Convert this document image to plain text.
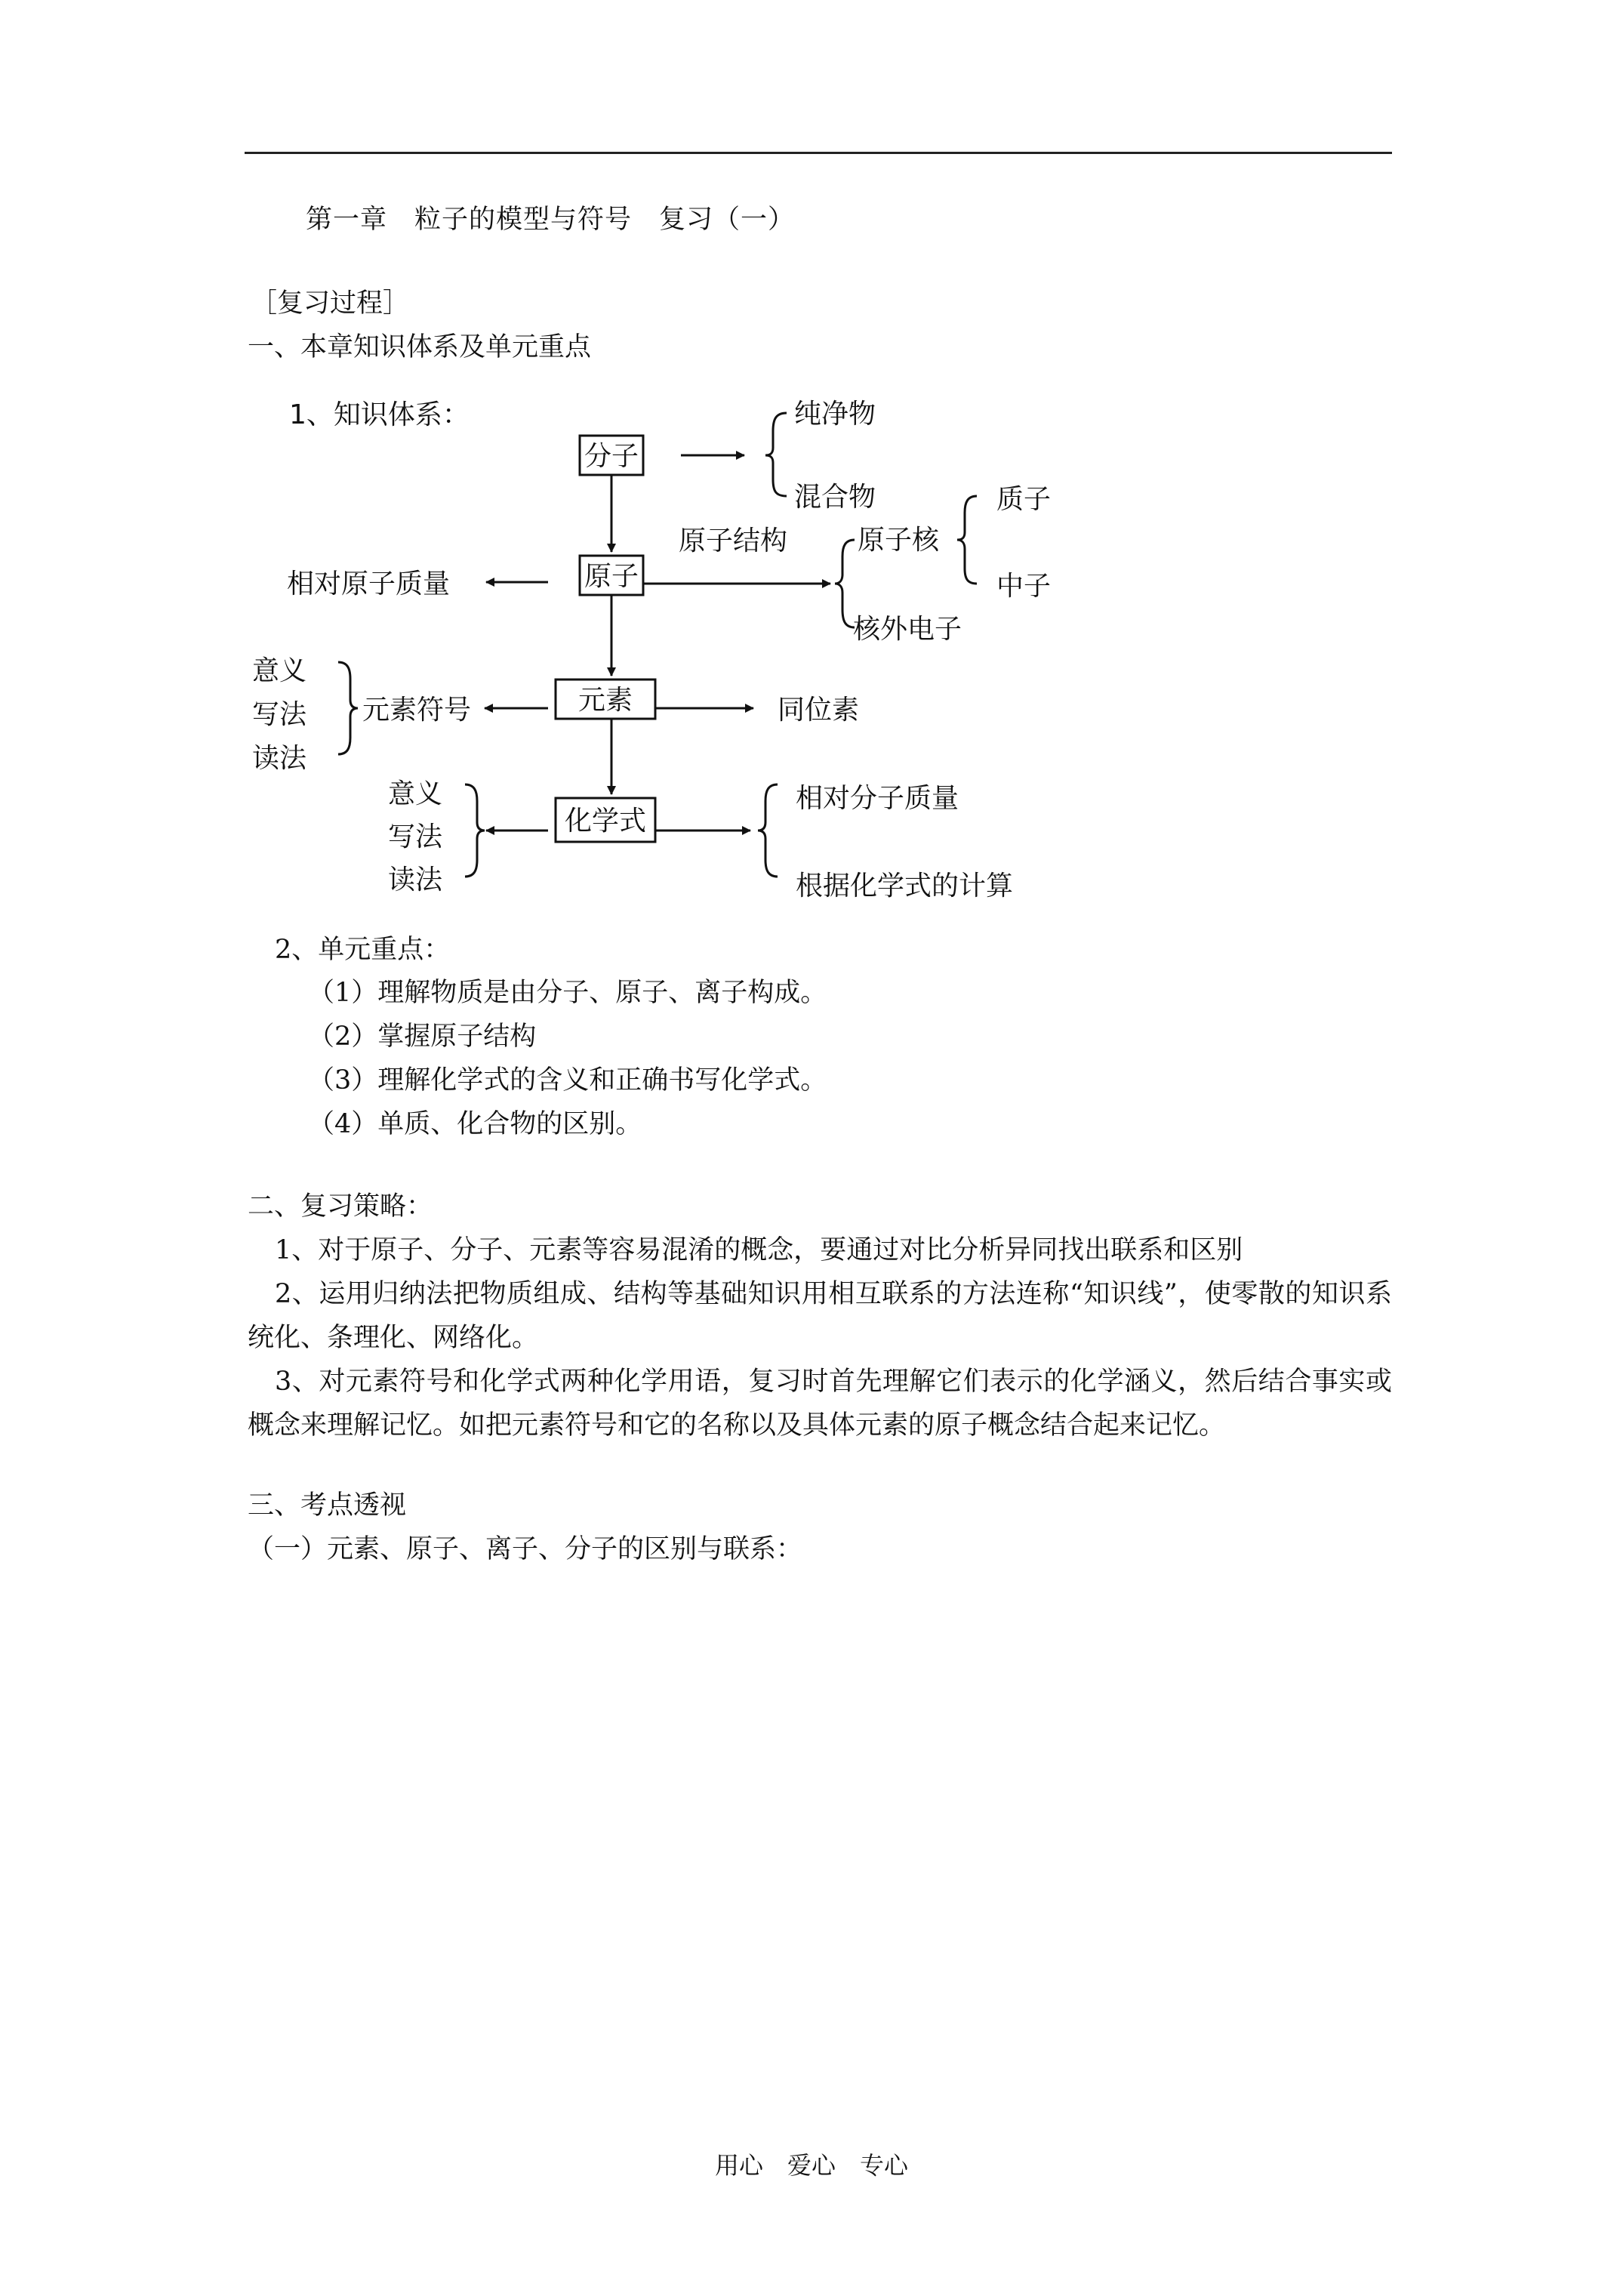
第一章　粒子的模型与符号　复习（一）
［复习过程］
一、本章知识体系及单元重点
1、知识体系：
分子
原子
元素
化学式
纯净物
混合物
原子结构	原子核
核外电子
质子
中子
相对原子质量
同位素
元素符号
意义
写法
读法
相对分子质量
根据化学式的计算
意义
写法
读法
2、单元重点：
（1）理解物质是由分子、原子、离子构成。
（2）掌握原子结构
（3）理解化学式的含义和正确书写化学式。
（4）单质、化合物的区别。
二、复习策略：
1、对于原子、分子、元素等容易混淆的概念，要通过对比分析异同找出联系和区别
2、运用归纳法把物质组成、结构等基础知识用相互联系的方法连称“知识线”，使零散的知识系统化、条理化、网络化。
3、对元素符号和化学式两种化学用语，复习时首先理解它们表示的化学涵义，然后结合事实或概念来理解记忆。如把元素符号和它的名称以及具体元素的原子概念结合起来记忆。
三、考点透视
（一）元素、原子、离子、分子的区别与联系：
用心　爱心　专心
